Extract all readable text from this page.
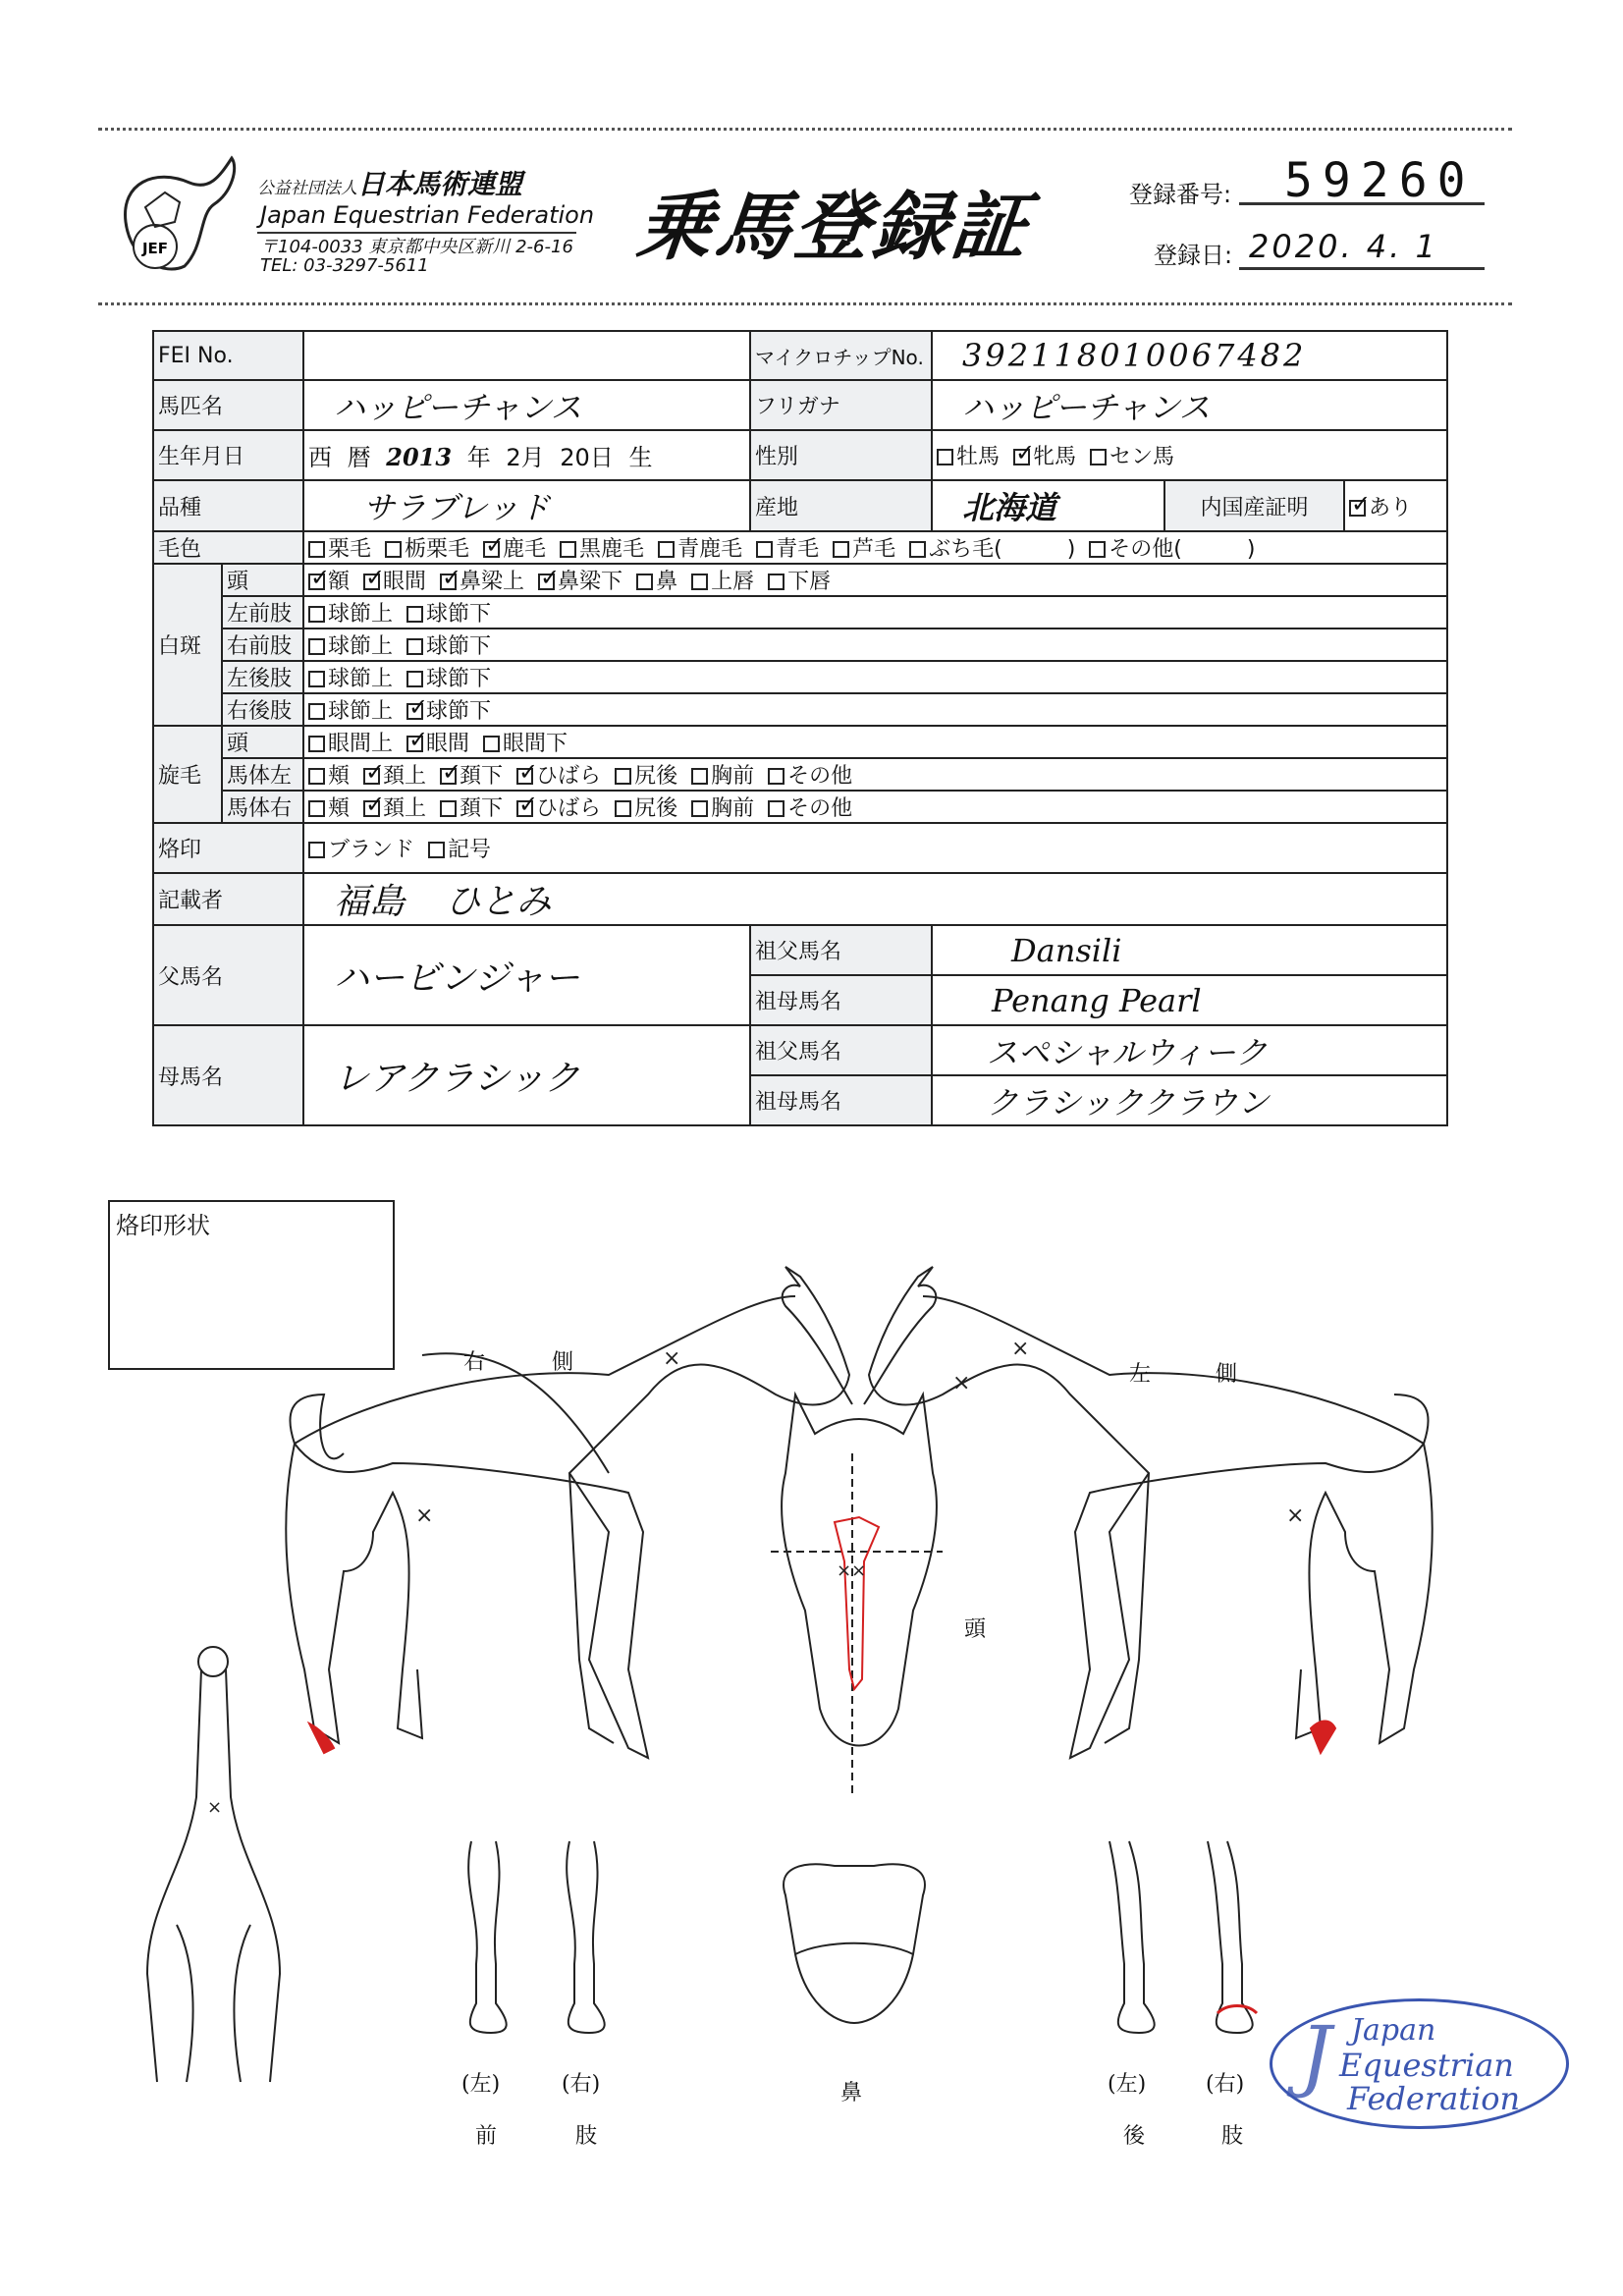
JEF
公益社団法人日本馬術連盟
Japan Equestrian Federation
〒104-0033 東京都中央区新川 2-6-16
TEL: 03-3297-5611	乗馬登録証	登録番号: 59260
登録日: 2020. 4. 1
FEI No.			マイクロチップNo.	392118010067482		
馬匹名		ハッピーチャンス	フリガナ	ハッピーチャンス		
生年月日		西 暦 2013 年 2月 20日 生	性別	牡馬 ✓ 牝馬 セン馬
品種		サラブレッド	産地	北海道	内国産証明	✓あり
毛色		栗毛 栃栗毛 ✓ 鹿毛 黒鹿毛 青鹿毛 青毛 芦毛 ぶち毛(　　　) その他(　　　)
白斑	頭	✓額 ✓ 眼間 ✓ 鼻梁上 ✓ 鼻梁下 鼻 上唇 下唇
	左前肢	球節上 球節下				
	右前肢	球節上 球節下				
	左後肢	球節上 球節下				
	右後肢	球節上 ✓ 球節下
旋毛	頭	眼間上 ✓ 眼間 眼間下
	馬体左	頬 ✓ 頚上 ✓ 頚下 ✓ ひばら 尻後 胸前 その他
	馬体右	頬 ✓ 頚上 頚下 ✓ ひばら 尻後 胸前 その他
烙印		ブランド 記号				
記載者		福島 ひとみ				
父馬名		ハービンジャー	祖父馬名	Dansili		
			祖母馬名	Penang Pearl		
母馬名		レアクラシック	祖父馬名	スペシャルウィーク		
			祖母馬名	クラシッククラウン		
烙印形状
×
×
×
×
×
××
×
右	側	左	側
頭
鼻
(左)	(右)
前	肢
(左)	(右)
後	肢
J Japan
Equestrian
Federation
